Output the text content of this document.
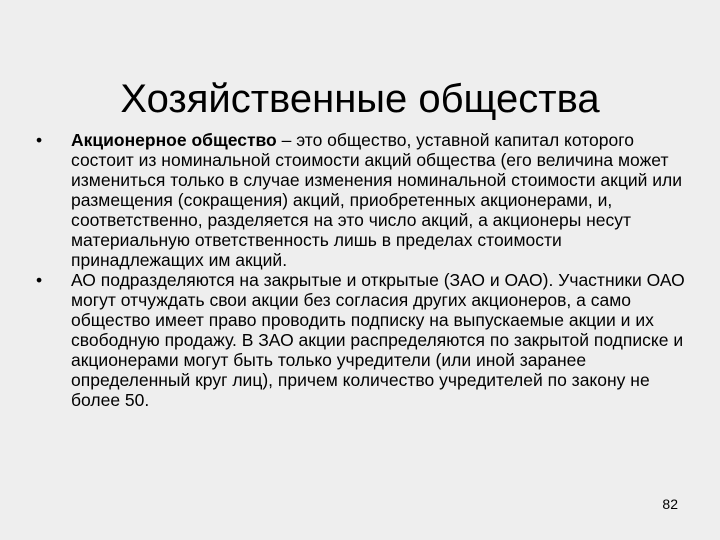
Хозяйственные общества
•	Акционерное общество – это общество, уставной капитал которого состоит из номинальной стоимости акций общества (его величина может измениться только в случае изменения номинальной стоимости акций или размещения (сокращения) акций, приобретенных акционерами, и, соответственно, разделяется на это число акций, а акционеры несут материальную ответственность лишь в пределах стоимости принадлежащих им акций.
•	АО подразделяются на закрытые и открытые (ЗАО и ОАО). Участники ОАО могут отчуждать свои акции без согласия других акционеров, а само общество имеет право проводить подписку на выпускаемые акции и их свободную продажу. В ЗАО акции распределяются по закрытой подписке и акционерами могут быть только учредители (или иной заранее определенный круг лиц), причем количество учредителей по закону не более 50.
82
